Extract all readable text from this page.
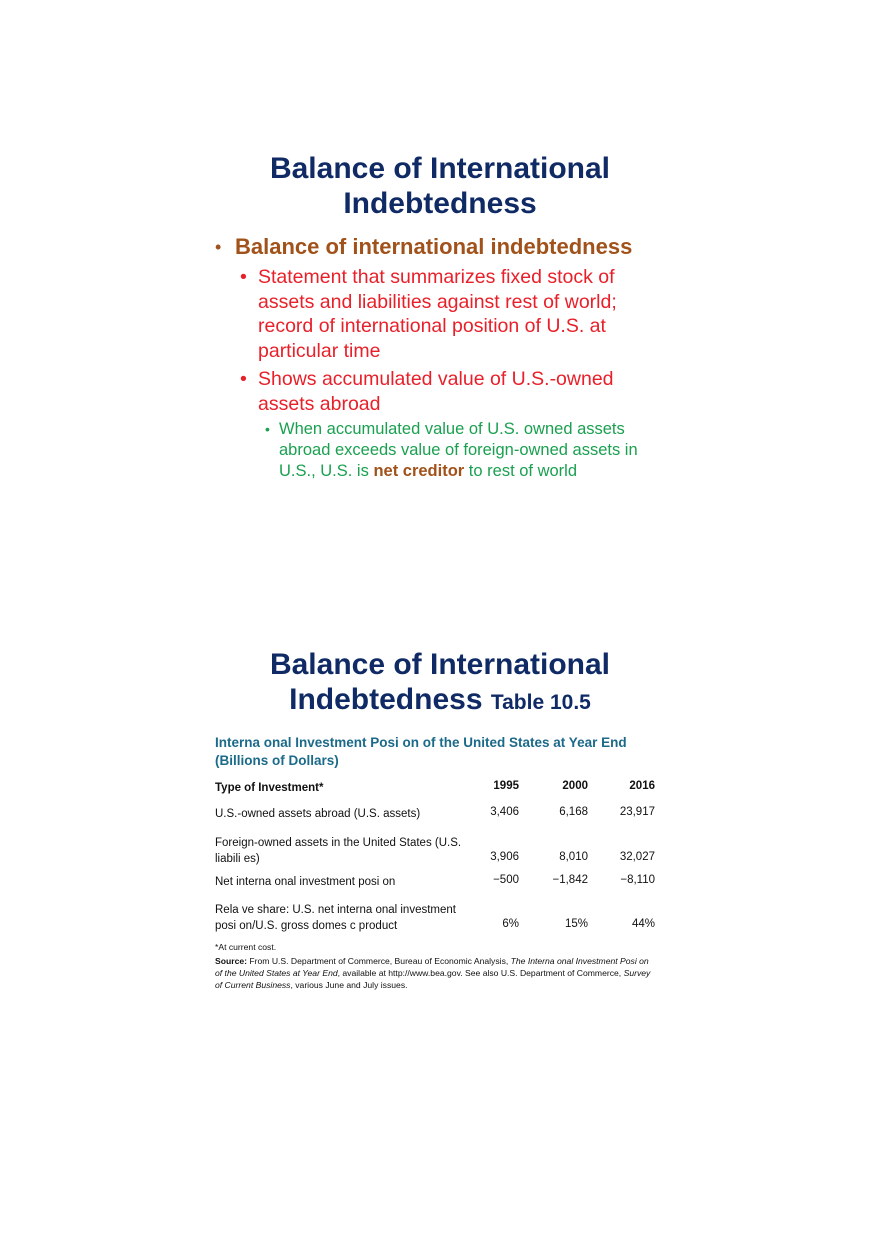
Balance of International
Indebtedness
• Balance of international indebtedness
• Statement that summarizes fixed stock of assets and liabilities against rest of world; record of international position of U.S. at particular time
• Shows accumulated value of U.S.-owned assets abroad
• When accumulated value of U.S. owned assets abroad exceeds value of foreign-owned assets in U.S., U.S. is net creditor to rest of world
Balance of International
Indebtedness Table 10.5
Interna onal Investment Posi on of the United States at Year End
(Billions of Dollars)
Type of Investment*	1995	2000	2016
U.S.-owned assets abroad (U.S. assets)	3,406	6,168	23,917
Foreign-owned assets in the United States (U.S. liabili es)	3,906	8,010	32,027
Net interna onal investment posi on	−500	−1,842	−8,110
Rela ve share: U.S. net interna onal investment posi on/U.S. gross domes c product	6%	15%	44%
*At current cost.
Source: From U.S. Department of Commerce, Bureau of Economic Analysis, The Interna onal Investment Posi on of the United States at Year End, available at http://www.bea.gov. See also U.S. Department of Commerce, Survey of Current Business, various June and July issues.
